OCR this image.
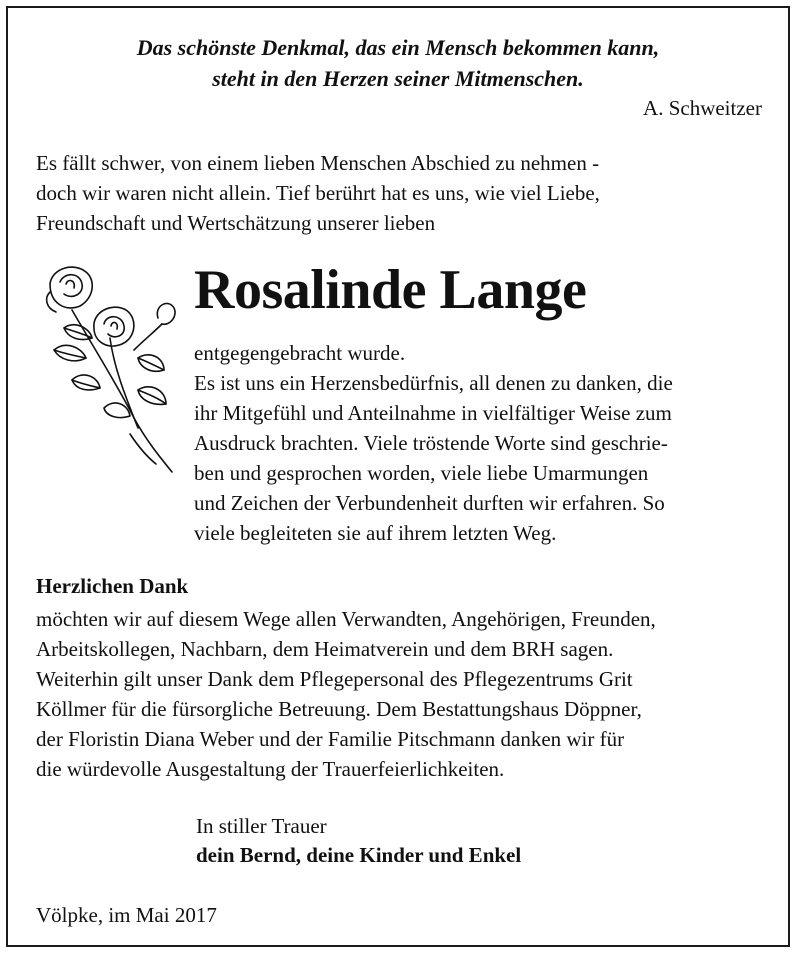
Das schönste Denkmal, das ein Mensch bekommen kann,
steht in den Herzen seiner Mitmenschen.
A. Schweitzer

Es fällt schwer, von einem lieben Menschen Abschied zu nehmen -

doch wir waren nicht allein. Tief berührt hat es uns, wie viel Liebe,

Freundschaft und Wertschätzung unserer lieben

Rosalinde Lange

entgegengebracht wurde.

Es ist uns ein Herzensbedürfnis, all denen zu danken, die

ihr Mitgefühl und Anteilnahme in vielfältiger Weise zum

Ausdruck brachten. Viele tröstende Worte sind geschrie-

ben und gesprochen worden, viele liebe Umarmungen

und Zeichen der Verbundenheit durften wir erfahren. So

viele begleiteten sie auf ihrem letzten Weg.

Herzlichen Dank

möchten wir auf diesem Wege allen Verwandten, Angehörigen, Freunden,

Arbeitskollegen, Nachbarn, dem Heimatverein und dem BRH sagen.

Weiterhin gilt unser Dank dem Pflegepersonal des Pflegezentrums Grit

Köllmer für die fürsorgliche Betreuung. Dem Bestattungshaus Döppner,

der Floristin Diana Weber und der Familie Pitschmann danken wir für

die würdevolle Ausgestaltung der Trauerfeierlichkeiten.

In stiller Trauer
dein Bernd, deine Kinder und Enkel
Völpke, im Mai 2017
